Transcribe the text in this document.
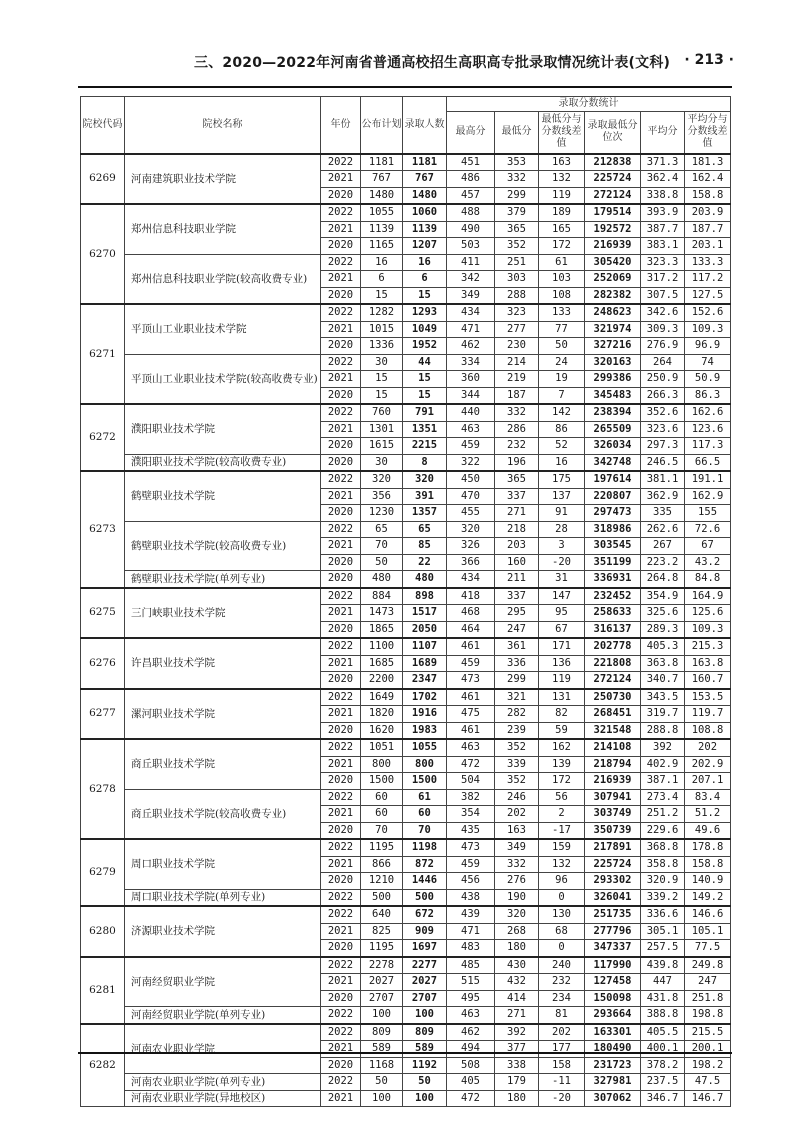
三、2020—2022年河南省普通高校招生高职高专批录取情况统计表(文科) · 213 ·
院校代码	院校名称	年份	公布计划	录取人数	录取分数统计					
					最高分	最低分	最低分与分数线差值	录取最低分位次	平均分	平均分与分数线差值
6269	河南建筑职业技术学院	2022	1181	1181	451	353	163	212838	371.3	181.3
		2021	767	767	486	332	132	225724	362.4	162.4
		2020	1480	1480	457	299	119	272124	338.8	158.8
6270	郑州信息科技职业学院	2022	1055	1060	488	379	189	179514	393.9	203.9
		2021	1139	1139	490	365	165	192572	387.7	187.7
		2020	1165	1207	503	352	172	216939	383.1	203.1
	郑州信息科技职业学院(较高收费专业)	2022	16	16	411	251	61	305420	323.3	133.3
		2021	6	6	342	303	103	252069	317.2	117.2
		2020	15	15	349	288	108	282382	307.5	127.5
6271	平顶山工业职业技术学院	2022	1282	1293	434	323	133	248623	342.6	152.6
		2021	1015	1049	471	277	77	321974	309.3	109.3
		2020	1336	1952	462	230	50	327216	276.9	96.9
	平顶山工业职业技术学院(较高收费专业)	2022	30	44	334	214	24	320163	264	74
		2021	15	15	360	219	19	299386	250.9	50.9
		2020	15	15	344	187	7	345483	266.3	86.3
6272	濮阳职业技术学院	2022	760	791	440	332	142	238394	352.6	162.6
		2021	1301	1351	463	286	86	265509	323.6	123.6
		2020	1615	2215	459	232	52	326034	297.3	117.3
	濮阳职业技术学院(较高收费专业)	2020	30	8	322	196	16	342748	246.5	66.5
6273	鹤壁职业技术学院	2022	320	320	450	365	175	197614	381.1	191.1
		2021	356	391	470	337	137	220807	362.9	162.9
		2020	1230	1357	455	271	91	297473	335	155
	鹤壁职业技术学院(较高收费专业)	2022	65	65	320	218	28	318986	262.6	72.6
		2021	70	85	326	203	3	303545	267	67
		2020	50	22	366	160	-20	351199	223.2	43.2
	鹤壁职业技术学院(单列专业)	2020	480	480	434	211	31	336931	264.8	84.8
6275	三门峡职业技术学院	2022	884	898	418	337	147	232452	354.9	164.9
		2021	1473	1517	468	295	95	258633	325.6	125.6
		2020	1865	2050	464	247	67	316137	289.3	109.3
6276	许昌职业技术学院	2022	1100	1107	461	361	171	202778	405.3	215.3
		2021	1685	1689	459	336	136	221808	363.8	163.8
		2020	2200	2347	473	299	119	272124	340.7	160.7
6277	漯河职业技术学院	2022	1649	1702	461	321	131	250730	343.5	153.5
		2021	1820	1916	475	282	82	268451	319.7	119.7
		2020	1620	1983	461	239	59	321548	288.8	108.8
6278	商丘职业技术学院	2022	1051	1055	463	352	162	214108	392	202
		2021	800	800	472	339	139	218794	402.9	202.9
		2020	1500	1500	504	352	172	216939	387.1	207.1
	商丘职业技术学院(较高收费专业)	2022	60	61	382	246	56	307941	273.4	83.4
		2021	60	60	354	202	2	303749	251.2	51.2
		2020	70	70	435	163	-17	350739	229.6	49.6
6279	周口职业技术学院	2022	1195	1198	473	349	159	217891	368.8	178.8
		2021	866	872	459	332	132	225724	358.8	158.8
		2020	1210	1446	456	276	96	293302	320.9	140.9
	周口职业技术学院(单列专业)	2022	500	500	438	190	0	326041	339.2	149.2
6280	济源职业技术学院	2022	640	672	439	320	130	251735	336.6	146.6
		2021	825	909	471	268	68	277796	305.1	105.1
		2020	1195	1697	483	180	0	347337	257.5	77.5
6281	河南经贸职业学院	2022	2278	2277	485	430	240	117990	439.8	249.8
		2021	2027	2027	515	432	232	127458	447	247
		2020	2707	2707	495	414	234	150098	431.8	251.8
	河南经贸职业学院(单列专业)	2022	100	100	463	271	81	293664	388.8	198.8
6282	河南农业职业学院	2022	809	809	462	392	202	163301	405.5	215.5
		2021	589	589	494	377	177	180490	400.1	200.1
		2020	1168	1192	508	338	158	231723	378.2	198.2
	河南农业职业学院(单列专业)	2022	50	50	405	179	-11	327981	237.5	47.5
	河南农业职业学院(异地校区)	2021	100	100	472	180	-20	307062	346.7	146.7
